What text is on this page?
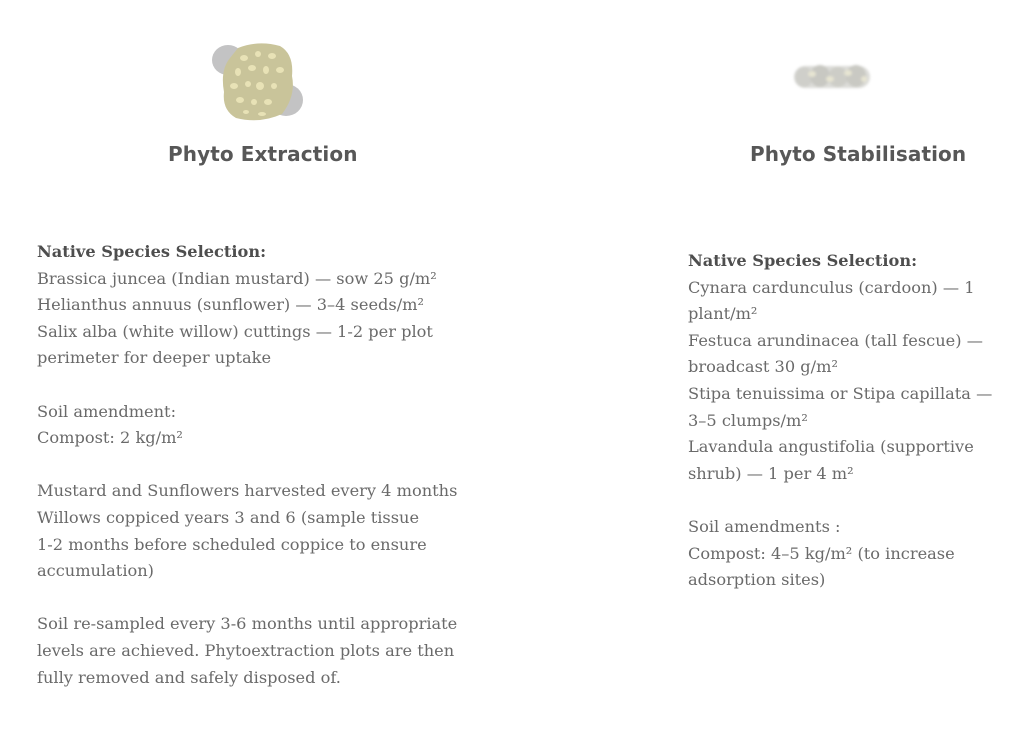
Phyto Extraction
Native Species Selection:
Brassica juncea (Indian mustard) — sow 25 g/m²
Helianthus annuus (sunflower) — 3–4 seeds/m²
Salix alba (white willow) cuttings — 1-2 per plot
perimeter for deeper uptake
Soil amendment:
Compost: 2 kg/m²
Mustard and Sunflowers harvested every 4 months
Willows coppiced years 3 and 6 (sample tissue
1-2 months before scheduled coppice to ensure
accumulation)
Soil re-sampled every 3-6 months until appropriate
levels are achieved. Phytoextraction plots are then
fully removed and safely disposed of.
Phyto Stabilisation
Native Species Selection:
Cynara cardunculus (cardoon) — 1
plant/m²
Festuca arundinacea (tall fescue) —
broadcast 30 g/m²
Stipa tenuissima or Stipa capillata —
3–5 clumps/m²
Lavandula angustifolia (supportive
shrub) — 1 per 4 m²
Soil amendments :
Compost: 4–5 kg/m² (to increase
adsorption sites)
